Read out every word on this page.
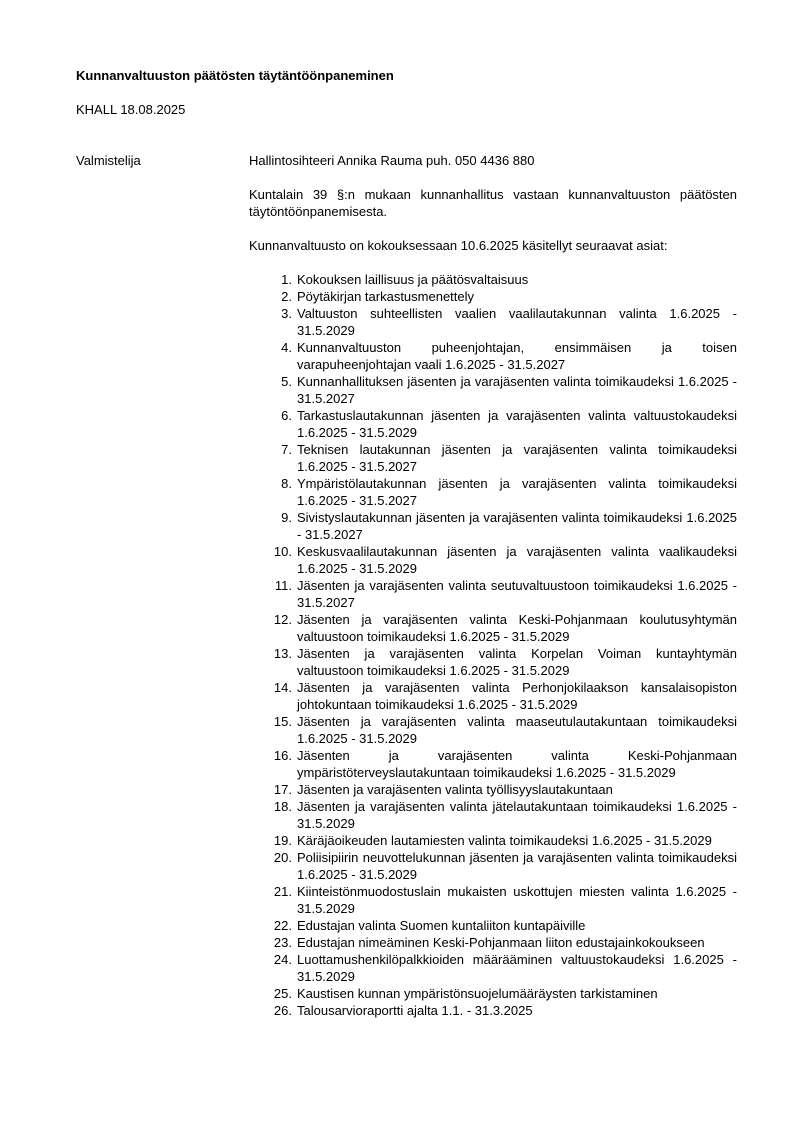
Kunnanvaltuuston päätösten täytäntöönpaneminen
KHALL 18.08.2025
Valmistelija	Hallintosihteeri Annika Rauma puh. 050 4436 880

Kuntalain 39 §:n mukaan kunnanhallitus vastaan kunnanvaltuuston päätösten täytöntöönpanemisesta.

Kunnanvaltuusto on kokouksessaan 10.6.2025 käsitellyt seuraavat asiat:

1. Kokouksen laillisuus ja päätösvaltaisuus
2. Pöytäkirjan tarkastusmenettely
3. Valtuuston suhteellisten vaalien vaalilautakunnan valinta 1.6.2025 - 31.5.2029
4. Kunnanvaltuuston puheenjohtajan, ensimmäisen ja toisen varapuheenjohtajan vaali 1.6.2025 - 31.5.2027
5. Kunnanhallituksen jäsenten ja varajäsenten valinta toimikaudeksi 1.6.2025 - 31.5.2027
6. Tarkastuslautakunnan jäsenten ja varajäsenten valinta valtuustokaudeksi 1.6.2025 - 31.5.2029
7. Teknisen lautakunnan jäsenten ja varajäsenten valinta toimikaudeksi 1.6.2025 - 31.5.2027
8. Ympäristölautakunnan jäsenten ja varajäsenten valinta toimikaudeksi 1.6.2025 - 31.5.2027
9. Sivistyslautakunnan jäsenten ja varajäsenten valinta toimikaudeksi 1.6.2025 - 31.5.2027
10. Keskusvaalilautakunnan jäsenten ja varajäsenten valinta vaalikaudeksi 1.6.2025 - 31.5.2029
11. Jäsenten ja varajäsenten valinta seutuvaltuustoon toimikaudeksi 1.6.2025 - 31.5.2027
12. Jäsenten ja varajäsenten valinta Keski-Pohjanmaan koulutusyhtymän valtuustoon toimikaudeksi 1.6.2025 - 31.5.2029
13. Jäsenten ja varajäsenten valinta Korpelan Voiman kuntayhtymän valtuustoon toimikaudeksi 1.6.2025 - 31.5.2029
14. Jäsenten ja varajäsenten valinta Perhonjokilaakson kansalaisopiston johtokuntaan toimikaudeksi 1.6.2025 - 31.5.2029
15. Jäsenten ja varajäsenten valinta maaseutulautakuntaan toimikaudeksi 1.6.2025 - 31.5.2029
16. Jäsenten ja varajäsenten valinta Keski-Pohjanmaan ympäristöterveyslautakuntaan toimikaudeksi 1.6.2025 - 31.5.2029
17. Jäsenten ja varajäsenten valinta työllisyyslautakuntaan
18. Jäsenten ja varajäsenten valinta jätelautakuntaan toimikaudeksi 1.6.2025 - 31.5.2029
19. Käräjäoikeuden lautamiesten valinta toimikaudeksi 1.6.2025 - 31.5.2029
20. Poliisipiirin neuvottelukunnan jäsenten ja varajäsenten valinta toimikaudeksi 1.6.2025 - 31.5.2029
21. Kiinteistönmuodostuslain mukaisten uskottujen miesten valinta 1.6.2025 - 31.5.2029
22. Edustajan valinta Suomen kuntaliiton kuntapäiville
23. Edustajan nimeäminen Keski-Pohjanmaan liiton edustajainkokoukseen
24. Luottamushenkilöpalkkioiden määrääminen valtuustokaudeksi 1.6.2025 - 31.5.2029
25. Kaustisen kunnan ympäristönsuojelumääräysten tarkistaminen
26. Talousarvioraportti ajalta 1.1. - 31.3.2025
